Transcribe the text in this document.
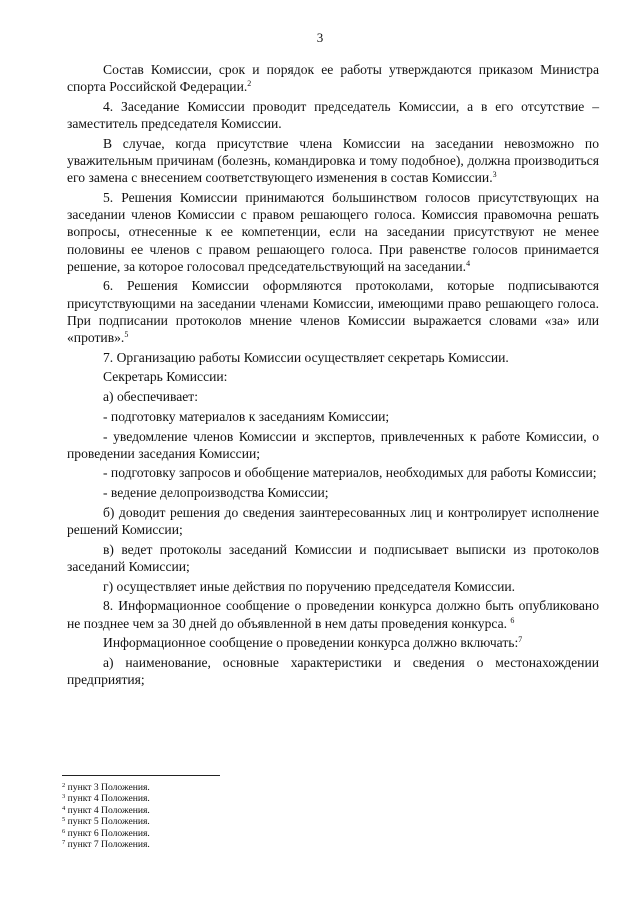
3

Состав Комиссии, срок и порядок ее работы утверждаются приказом Министра спорта Российской Федерации.$^2$

4. Заседание Комиссии проводит председатель Комиссии, а в его отсутствие – заместитель председателя Комиссии.

В случае, когда присутствие члена Комиссии на заседании невозможно по уважительным причинам (болезнь, командировка и тому подобное), должна производиться его замена с внесением соответствующего изменения в состав Комиссии.$^3$

5. Решения Комиссии принимаются большинством голосов присутствующих на заседании членов Комиссии с правом решающего голоса. Комиссия правомочна решать вопросы, отнесенные к ее компетенции, если на заседании присутствуют не менее половины ее членов с правом решающего голоса. При равенстве голосов принимается решение, за которое голосовал председательствующий на заседании.$^4$

6. Решения Комиссии оформляются протоколами, которые подписываются присутствующими на заседании членами Комиссии, имеющими право решающего голоса. При подписании протоколов мнение членов Комиссии выражается словами «за» или «против».$^5$

7. Организацию работы Комиссии осуществляет секретарь Комиссии.

Секретарь Комиссии:

а) обеспечивает:

- подготовку материалов к заседаниям Комиссии;

- уведомление членов Комиссии и экспертов, привлеченных к работе Комиссии, о проведении заседания Комиссии;

- подготовку запросов и обобщение материалов, необходимых для работы Комиссии;

- ведение делопроизводства Комиссии;

б) доводит решения до сведения заинтересованных лиц и контролирует исполнение решений Комиссии;

в) ведет протоколы заседаний Комиссии и подписывает выписки из протоколов заседаний Комиссии;

г) осуществляет иные действия по поручению председателя Комиссии.

8. Информационное сообщение о проведении конкурса должно быть опубликовано не позднее чем за 30 дней до объявленной в нем даты проведения конкурса. $^6$

Информационное сообщение о проведении конкурса должно включать:$^7$

а) наименование, основные характеристики и сведения о местонахождении предприятия;

$^2$ пункт 3 Положения.
$^3$ пункт 4 Положения.
$^4$ пункт 4 Положения.
$^5$ пункт 5 Положения.
$^6$ пункт 6 Положения.
$^7$ пункт 7 Положения.
